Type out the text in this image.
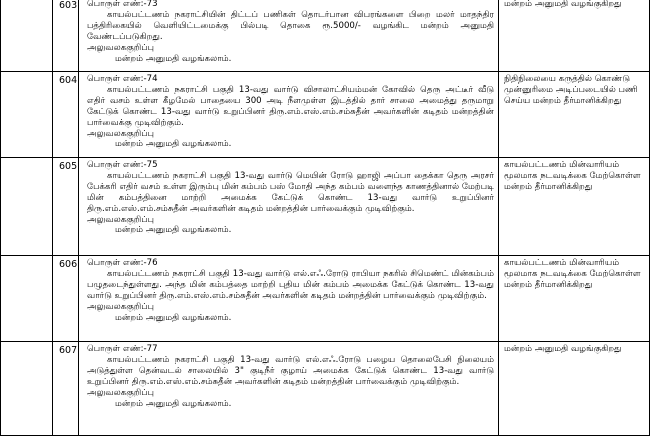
	603	பொருள் எண்:-73

காயல்பட்டணம் நகராட்சியின் திட்டப் பணிகள் தொடர்பான விபரங்களை பிறை மலர் மாதந்திர பத்திரிகையில் வெளியிட்டமைக்கு பில்படி தொகை ரூ.5000/- வழங்கிட மன்றம் அனுமதி வேண்டப்படுகிறது.

அலுவலககுறிப்பு
மன்றம் அனுமதி வழங்கலாம்.	மன்றம் அனுமதி வழங்குகிறது
	604	பொருள் எண்:-74

காயல்பட்டணம் நகராட்சி பகுதி 13-வது வார்டு விசாலாட்சியம்மன் கோவில் தெரு அட்டீர் வீடு எதிர் வசம் உள்ள கீழமேல் பாதையை 300 அடி நீளமுள்ள இடத்தில் தார் சாலை அமைத்து தருமாறு கேட்டுக் கொண்ட 13-வது வார்டு உறுப்பினர் திரு.எம்.எஸ்.எம்.சம்சுதீன் அவர்களின் கடிதம் மன்றத்தின் பார்வைக்கு முடிவிற்கும்.

அலுவலககுறிப்பு
மன்றம் அனுமதி வழங்கலாம்.	நிதிநிலையை கருத்தில் கொண்டு முன்னுரிமை அடிப்படையில் பணி செய்ய மன்றம் தீர்மானிக்கிறது
	605	பொருள் எண்:-75

காயல்பட்டணம் நகராட்சி பகுதி 13-வது வார்டு மெயின் ரோடு ஹாஜி அப்பா தைக்கா தெரு அரசர் பேக்கரி எதிர் வசம் உள்ள இரும்பு மின் கம்பம் பஸ் மோதி அந்த கம்பம் வளைந்த காணத்தினால் மேற்படி மின் கம்பத்தினை மாற்றி அமைக்க கேட்டுக் கொண்ட 13-வது வார்டு உறுப்பினர் திரு.எம்.எஸ்.எம்.சம்சுதீன் அவர்களின் கடிதம் மன்றத்தின் பார்வைக்கும் முடிவிற்கும்.

அலுவலககுறிப்பு
மன்றம் அனுமதி வழங்கலாம்.	காயல்பட்டணம் மின்வாரியம் மூலமாக நடவடிக்கை மேற்கொள்ள மன்றம் தீர்மானிக்கிறது
	606	பொருள் எண்:-76

காயல்பட்டணம் நகராட்சி பகுதி 13-வது வார்டு எல்.எஃ.ரோடு ராபியா நகரில் சிமெண்ட் மின்கம்பம் பழுதடைந்துள்ளது. அந்த மின் கம்பத்தை மாற்றி புதிய மின் கம்பம் அமைக்க கேட்டுக் கொண்ட 13-வது வார்டு உறுப்பினர் திரு.எம்.எஸ்.எம்.சம்சுதீன் அவர்களின் கடிதம் மன்றத்தின் பார்வைக்கும் முடிவிற்கும்.

அலுவலககுறிப்பு
மன்றம் அனுமதி வழங்கலாம்.	காயல்பட்டணம் மின்வாரியம் மூலமாக நடவடிக்கை மேற்கொள்ள மன்றம் தீர்மானிக்கிறது
	607	பொருள் எண்:-77

காயல்பட்டணம் நகராட்சி பகுதி 13-வது வார்டு எல்.எஃ.ரோடு பழைய தொலைபேசி நிலையம் அடுத்துள்ள தென்வடல் சாலையில் 3" குடிநீர் குழாய் அமைக்க கேட்டுக் கொண்ட 13-வது வார்டு உறுப்பினர் திரு.எம்.எஸ்.எம்.சம்சுதீன் அவர்களின் கடிதம் மன்றத்தின் பார்வைக்கும் முடிவிற்கும்.

அலுவலககுறிப்பு
மன்றம் அனுமதி வழங்கலாம்.	மன்றம் அனுமதி வழங்குகிறது
